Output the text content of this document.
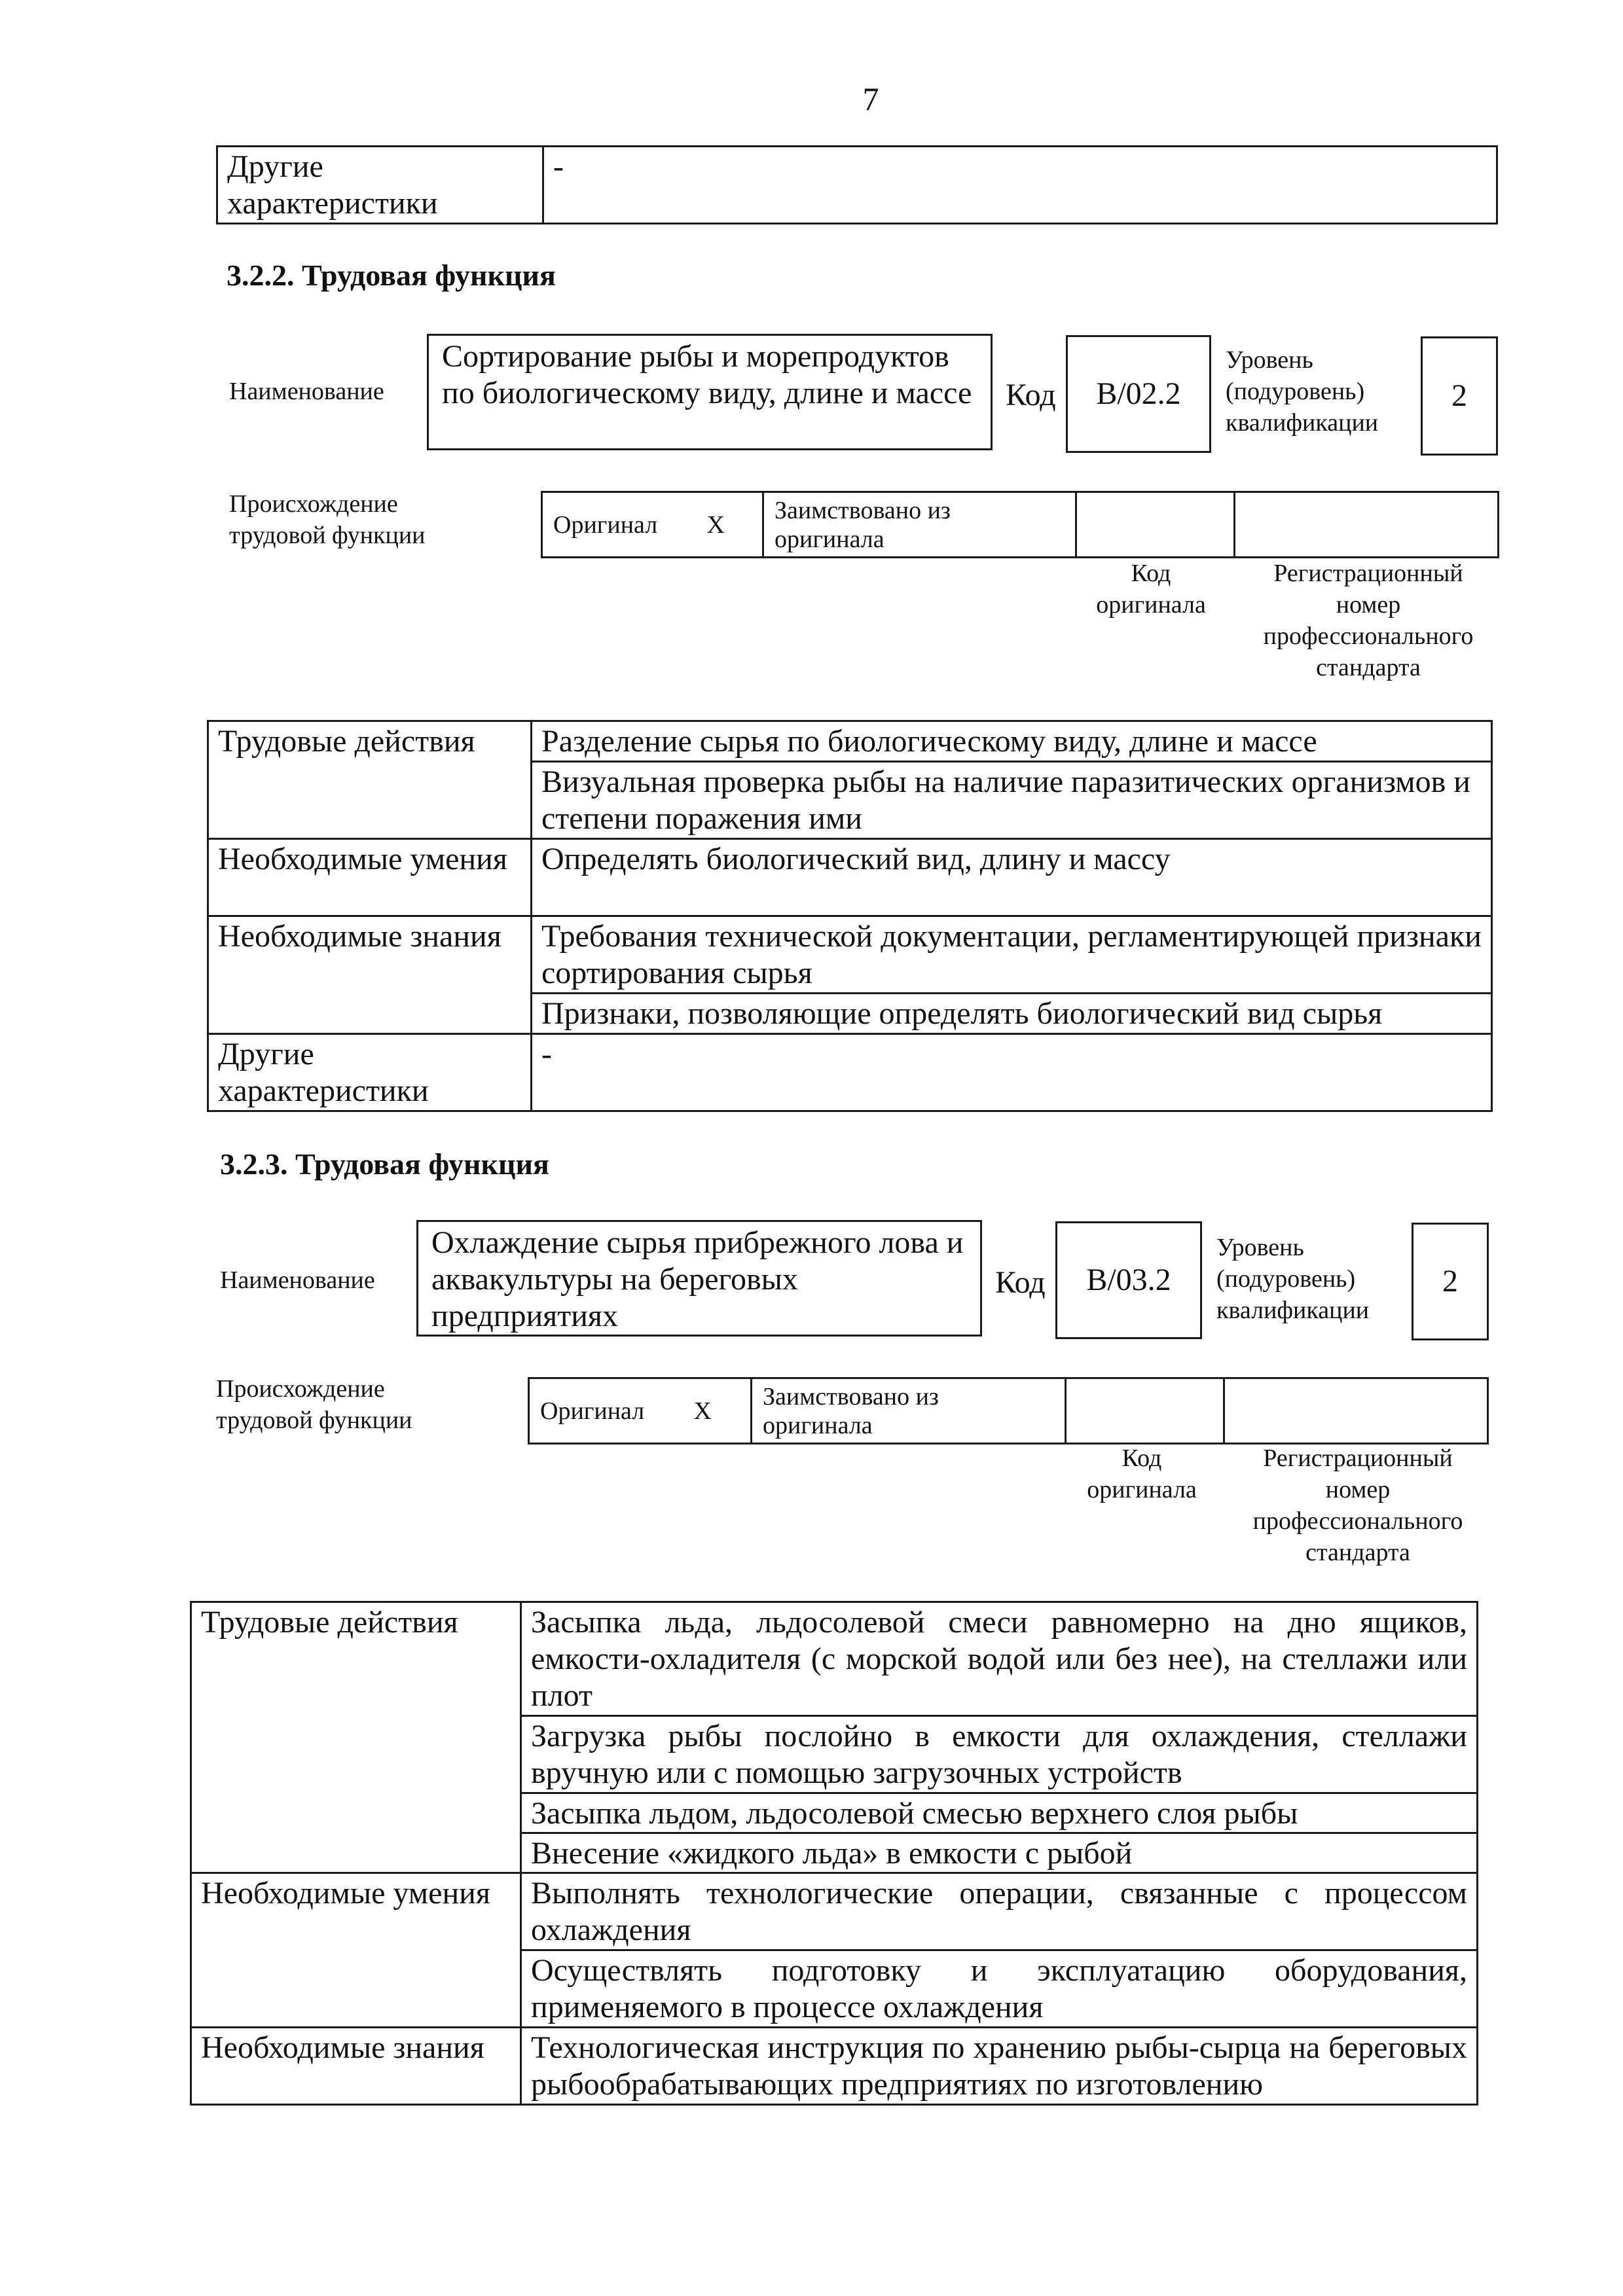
7
Другие характеристики	-
3.2.2. Трудовая функция
Наименование
Сортирование рыбы и морепродуктов по биологическому виду, длине и массе	Код B/02.2
Уровень (подуровень) квалификации
2
Происхождение трудовой функции	Оригинал	X	Заимствовано из оригинала		
Код оригинала
Регистрационный номер профессионального стандарта
Трудовые действия	Разделение сырья по биологическому виду, длине и массе
	Визуальная проверка рыбы на наличие паразитических организмов и степени поражения ими
Необходимые умения	Определять биологический вид, длину и массу
Необходимые знания	Требования технической документации, регламентирующей признаки сортирования сырья
	Признаки, позволяющие определять биологический вид сырья
Другие характеристики	-
3.2.3. Трудовая функция
Наименование
Охлаждение сырья прибрежного лова и аквакультуры на береговых предприятиях
Код B/03.2
Уровень (подуровень) квалификации
2
Происхождение трудовой функции	Оригинал	X	Заимствовано из оригинала		
Код оригинала
Регистрационный номер профессионального стандарта
Трудовые действия	Засыпка льда, льдосолевой смеси равномерно на дно ящиков, емкости-охладителя (с морской водой или без нее), на стеллажи или плот
	Загрузка рыбы послойно в емкости для охлаждения, стеллажи вручную или с помощью загрузочных устройств
	Засыпка льдом, льдосолевой смесью верхнего слоя рыбы
	Внесение «жидкого льда» в емкости с рыбой
Необходимые умения	Выполнять технологические операции, связанные с процессом охлаждения
	Осуществлять подготовку и эксплуатацию оборудования, применяемого в процессе охлаждения
Необходимые знания	Технологическая инструкция по хранению рыбы-сырца на береговых рыбообрабатывающих предприятиях по изготовлению
